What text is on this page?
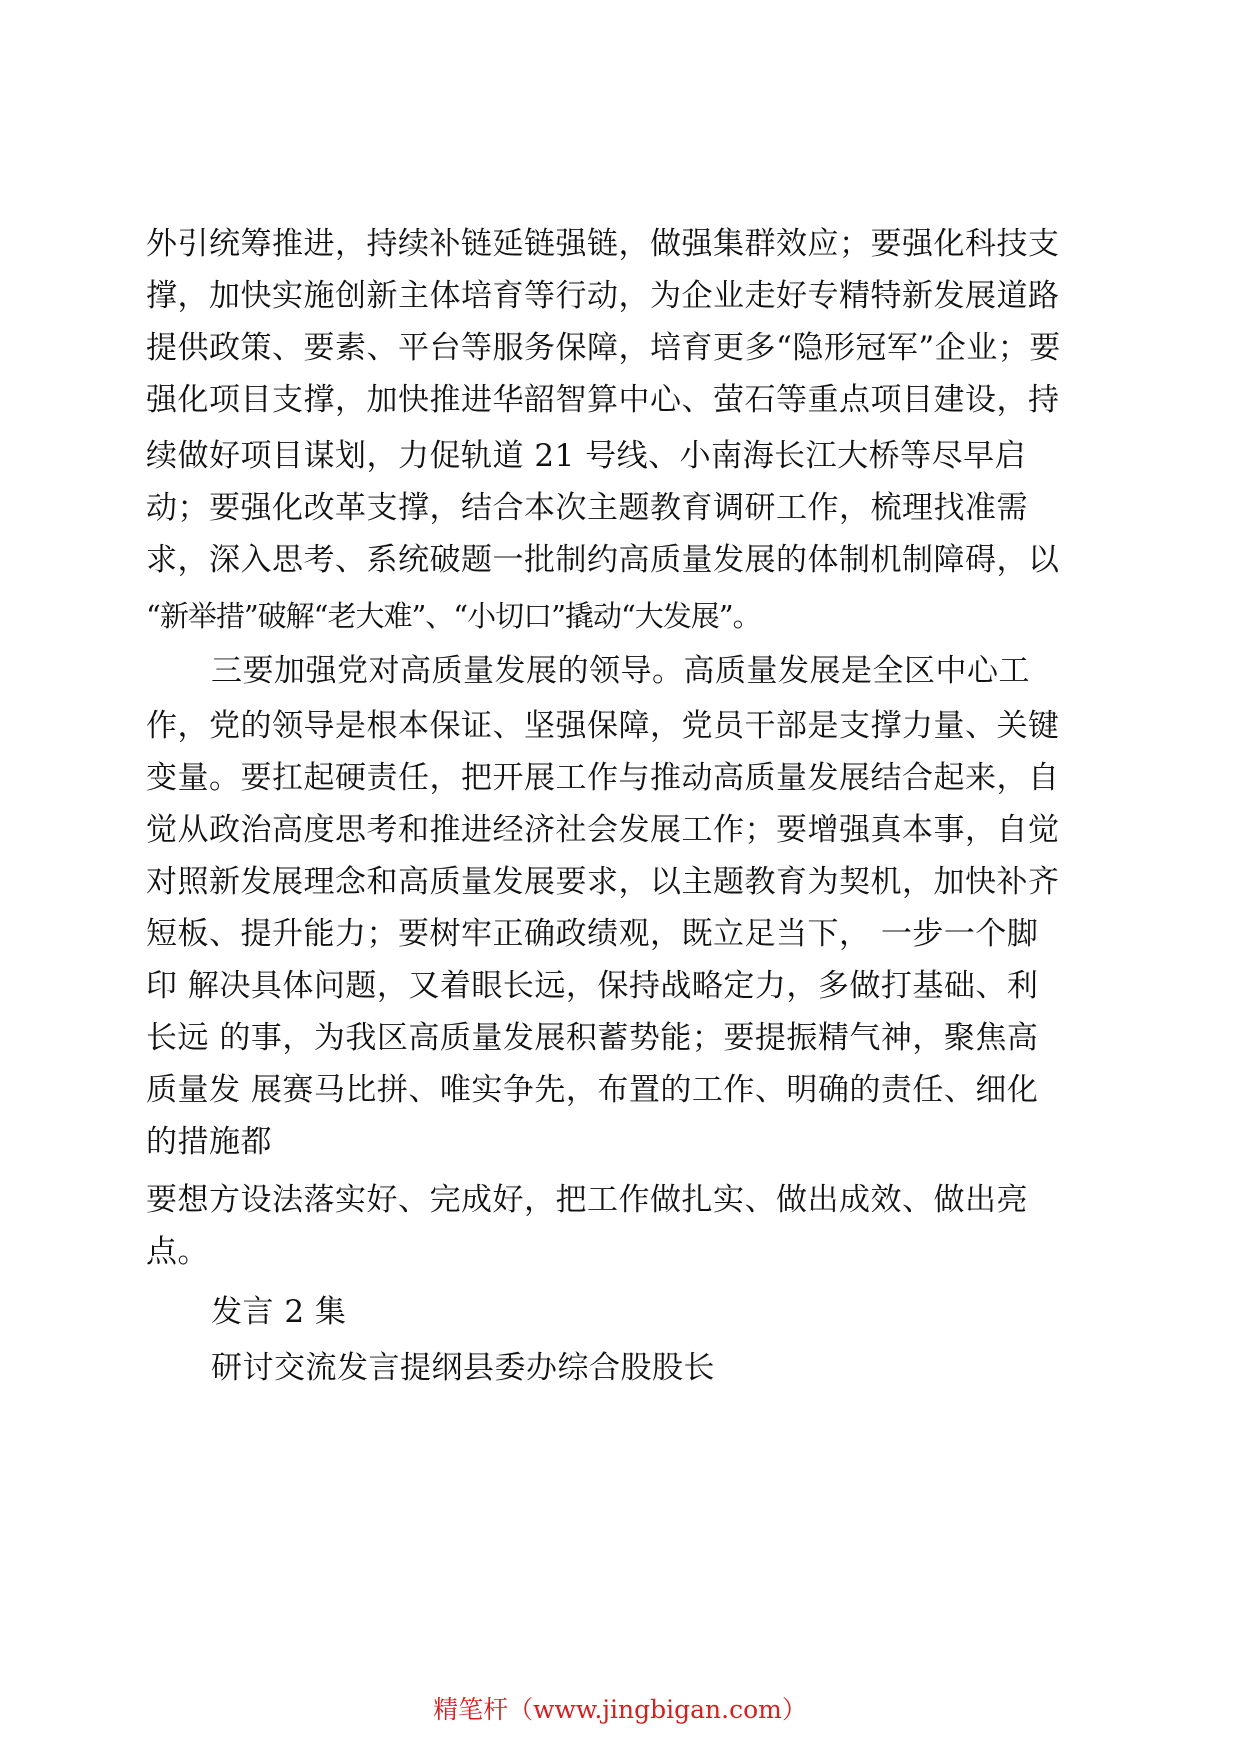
外引统筹推进，持续补链延链强链，做强集群效应；要强化科技支
撑，加快实施创新主体培育等行动，为企业走好专精特新发展道路
提供政策、要素、平台等服务保障，培育更多“隐形冠军”企业；要
强化项目支撑，加快推进华韶智算中心、萤石等重点项目建设，持
续做好项目谋划，力促轨道 21 号线、小南海长江大桥等尽早启
动；要强化改革支撑，结合本次主题教育调研工作，梳理找准需
求，深入思考、系统破题一批制约高质量发展的体制机制障碍，以
“新举措”破解“老大难”、“小切口”撬动“大发展”。
三要加强党对高质量发展的领导。高质量发展是全区中心工
作，党的领导是根本保证、坚强保障，党员干部是支撑力量、关键
变量。要扛起硬责任，把开展工作与推动高质量发展结合起来，自
觉从政治高度思考和推进经济社会发展工作；要增强真本事，自觉
对照新发展理念和高质量发展要求，以主题教育为契机，加快补齐
短板、提升能力；要树牢正确政绩观，既立足当下， 一步一个脚
印 解决具体问题，又着眼长远，保持战略定力，多做打基础、利
长远 的事，为我区高质量发展积蓄势能；要提振精气神，聚焦高
质量发 展赛马比拼、唯实争先，布置的工作、明确的责任、细化
的措施都
要想方设法落实好、完成好，把工作做扎实、做出成效、做出亮
点。
发言 2 集
研讨交流发言提纲县委办综合股股长
精笔杆（www.jingbigan.com）
